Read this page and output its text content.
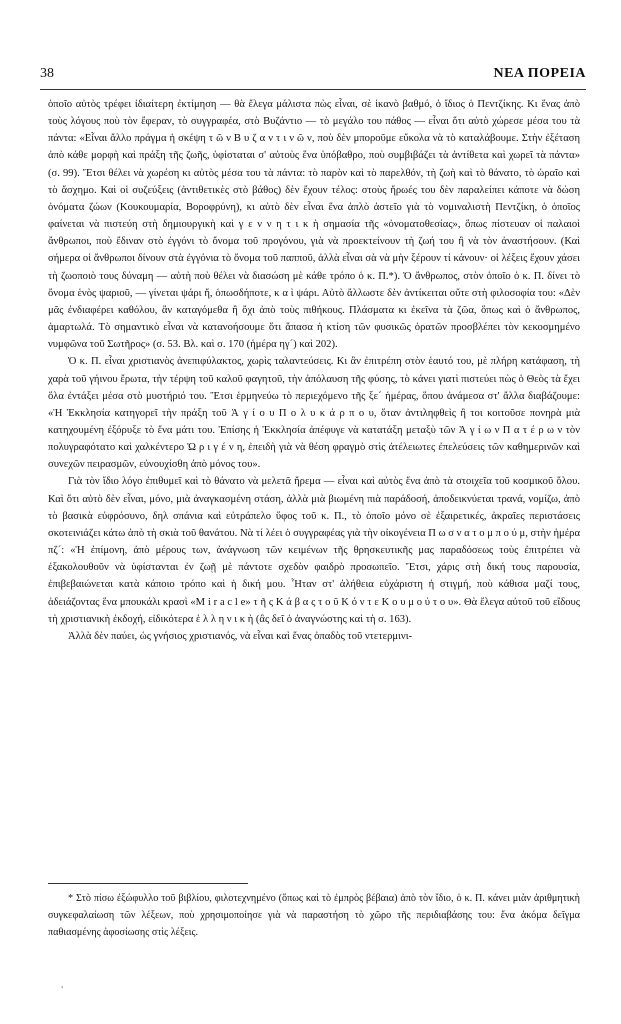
38	ΝΕΑ ΠΟΡΕΙΑ

ὁποῖο αὐτὸς τρέφει ἰδιαίτερη ἐκτίμηση — θὰ ἔλεγα μάλιστα πὼς εἶναι, σὲ ἱκανὸ βαθμό, ὁ ἴδιος ὁ Πεντζίκης. Κι ἕνας ἀπὸ τοὺς λόγους ποὺ τὸν ἔφεραν, τὸ συγγραφέα, στὸ Βυζάντιο — τὸ μεγάλο του πάθος — εἶναι ὅτι αὐτὸ χώρεσε μέσα του τὰ πάντα: «Εἶναι ἄλλο πράγμα ἡ σκέψη τ ῶ ν Β υ ζ α ν τ ι ν ῶ ν, ποὺ δὲν μποροῦμε εὔκολα νὰ τὸ καταλάβουμε. Στὴν ἐξέταση ἀπὸ κάθε μορφὴ καὶ πράξη τῆς ζωῆς, ὑφίσταται σ' αὐτοὺς ἕνα ὑπόβαθρο, ποὺ συμβιβάζει τὰ ἀντίθετα καὶ χωρεῖ τὰ πάντα» (σ. 99). Ἔτσι θέλει νὰ χωρέση κι αὐτὸς μέσα του τὰ πάντα: τὸ παρὸν καὶ τὸ παρελθόν, τὴ ζωὴ καὶ τὸ θάνατο, τὸ ὡραῖο καὶ τὸ ἄσχημο. Καὶ οἱ συζεύξεις (ἀντιθετικὲς στὸ βάθος) δὲν ἔχουν τέλος: στοὺς ἥρωές του δὲν παραλείπει κάποτε νὰ δώση ὀνόματα ζώων (Κουκουμαρία, Βοροφρύνη), κι αὐτὸ δὲν εἶναι ἕνα ἁπλὸ ἀστεῖο γιὰ τὸ νομιναλιστὴ Πεντζίκη, ὁ ὁποῖος φαίνεται νὰ πιστεύη στὴ δημιουργικὴ καὶ γ ε ν ν η τ ι κ ὴ σημασία τῆς «ὀνοματοθεσίας», ὅπως πίστευαν οἱ παλαιοὶ ἄνθρωποι, ποὺ ἔδιναν στὸ ἐγγόνι τὸ ὄνομα τοῦ προγόνου, γιὰ νὰ προεκτείνουν τὴ ζωή του ἢ νὰ τὸν ἀναστήσουν. (Καὶ σήμερα οἱ ἄνθρωποι δίνουν στὰ ἐγγόνια τὸ ὄνομα τοῦ παπποῦ, ἀλλὰ εἶναι σὰ νὰ μὴν ξέρουν τί κάνουν· οἱ λέξεις ἔχουν χάσει τὴ ζωοποιὸ τους δύναμη — αὐτὴ ποὺ θέλει νὰ διασώση μὲ κάθε τρόπο ὁ κ. Π.*). Ὁ ἄνθρωπος, στὸν ὁποῖο ὁ κ. Π. δίνει τὸ ὄνομα ἑνὸς ψαριοῦ, — γίνεται ψάρι ἤ, ὁπωσδήποτε, κ α ὶ ψάρι. Αὐτὸ ἄλλωστε δὲν ἀντίκειται οὔτε στὴ φιλοσοφία του: «Δὲν μᾶς ἐνδιαφέρει καθόλου, ἂν καταγόμεθα ἢ ὄχι ἀπὸ τοὺς πιθήκους. Πλάσματα κι ἐκεῖνα τὰ ζῶα, ὅπως καὶ ὁ ἄνθρωπος, ἁμαρτωλά. Τὸ σημαντικὸ εἶναι νὰ κατανοήσουμε ὅτι ἅπασα ἡ κτίση τῶν φυσικῶς ὁρατῶν προσβλέπει τὸν κεκοσμημένο νυμφῶνα τοῦ Σωτῆρος» (σ. 53. Βλ. καὶ σ. 170 (ἡμέρα ηγ´) καὶ 202).

Ὁ κ. Π. εἶναι χριστιανὸς ἀνεπιφύλακτος, χωρὶς ταλαντεύσεις. Κι ἂν ἐπιτρέπη στὸν ἑαυτό του, μὲ πλήρη κατάφαση, τὴ χαρὰ τοῦ γήινου ἔρωτα, τὴν τέρψη τοῦ καλοῦ φαγητοῦ, τὴν ἀπόλαυση τῆς φύσης, τὸ κάνει γιατὶ πιστεύει πὼς ὁ Θεὸς τὰ ἔχει ὅλα ἐντάξει μέσα στὸ μυστήριό του. Ἔτσι ἑρμηνεύω τὸ περιεχόμενο τῆς ξε´ ἡμέρας, ὅπου ἀνάμεσα στ' ἄλλα διαβάζουμε: «Ἡ Ἐκκλησία κατηγορεῖ τὴν πράξη τοῦ Ἁ γ ί ο υ Π ο λ υ κ ά ρ π ο υ, ὅταν ἀντιληφθεὶς ἢ τοι κοιτοῦσε πονηρὰ μιὰ κατηχουμένη ἐξόρυξε τὸ ἕνα μάτι του. Ἐπίσης ἡ Ἐκκλησία ἀπέφυγε νὰ κατατάξη μεταξὺ τῶν Ἁ γ ί ω ν Π α τ έ ρ ω ν τὸν πολυγραφότατο καὶ χαλκέντερο Ὠ ρ ι γ έ ν η, ἐπειδὴ γιὰ νὰ θέση φραγμὸ στὶς ἀτέλειωτες ἐπελεύσεις τῶν καθημερινῶν καὶ συνεχῶν πειρασμῶν, εὐνουχίσθη ἀπὸ μόνος του».

Γιὰ τὸν ἴδιο λόγο ἐπιθυμεῖ καὶ τὸ θάνατο νὰ μελετᾶ ἤρεμα — εἶναι καὶ αὐτὸς ἕνα ἀπὸ τὰ στοιχεῖα τοῦ κοσμικοῦ ὅλου. Καὶ ὅτι αὐτὸ δὲν εἶναι, μόνο, μιὰ ἀναγκασμένη στάση, ἀλλὰ μιὰ βιωμένη πιὰ παράδοσή, ἀποδεικνύεται τρανά, νομίζω, ἀπὸ τὸ βασικὰ εὐφρόσυνο, δηλ σπάνια καὶ εὐτράπελο ὕφος τοῦ κ. Π., τὸ ὁποῖο μόνο σὲ ἐξαιρετικές, ἀκραῖες περιστάσεις σκοτεινιάζει κάτω ἀπὸ τὴ σκιὰ τοῦ θανάτου. Νὰ τί λέει ὁ συγγραφέας γιὰ τὴν οἰκογένεια Π ω σ ν α τ ο μ π ο ύ μ, στὴν ἡμέρα πζ´: «Ἡ ἐπίμονη, ἀπὸ μέρους των, ἀνάγνωση τῶν κειμένων τῆς θρησκευτικῆς μας παραδόσεως τοὺς ἐπιτρέπει νὰ ἐξακολουθοῦν νὰ ὑφίστανται ἐν ζωῇ μὲ πάντοτε σχεδὸν φαιδρὸ προσωπεῖο. Ἔτσι, χάρις στὴ δική τους παρουσία, ἐπιβεβαιώνεται κατὰ κάποιο τρόπο καὶ ἡ δική μου. Ἦταν στ' ἀλήθεια εὐχάριστη ἡ στιγμή, ποὺ κάθισα μαζί τους, ἀδειάζοντας ἕνα μπουκάλι κρασὶ «M i r a c l e» τ ῆ ς Κ ά β α ς τ ο ῦ Κ ό ν τ ε Κ ο υ μ ο ύ τ ο υ». Θὰ ἔλεγα αὐτοῦ τοῦ εἴδους τὴ χριστιανικὴ ἐκδοχή, εἰδικότερα ἑ λ λ η ν ι κ ὴ (ἂς δεῖ ὁ ἀναγνώστης καὶ τὴ σ. 163).

Ἀλλὰ δὲν παύει, ὡς γνήσιος χριστιανός, νὰ εἶναι καὶ ἕνας ὀπαδὸς τοῦ ντετερμινι-

* Στὸ πίσω ἐξώφυλλο τοῦ βιβλίου, φιλοτεχνημένο (ὅπως καὶ τὸ ἐμπρὸς βέβαια) ἀπὸ τὸν ἴδιο, ὁ κ. Π. κάνει μιὰν ἀριθμητικὴ συγκεφαλαίωση τῶν λέξεων, ποὺ χρησιμοποίησε γιὰ νὰ παραστήση τὸ χῶρο τῆς περιδιαβάσης του: ἕνα ἀκόμα δεῖγμα παθιασμένης ἀφοσίωσης στὶς λέξεις.
'
